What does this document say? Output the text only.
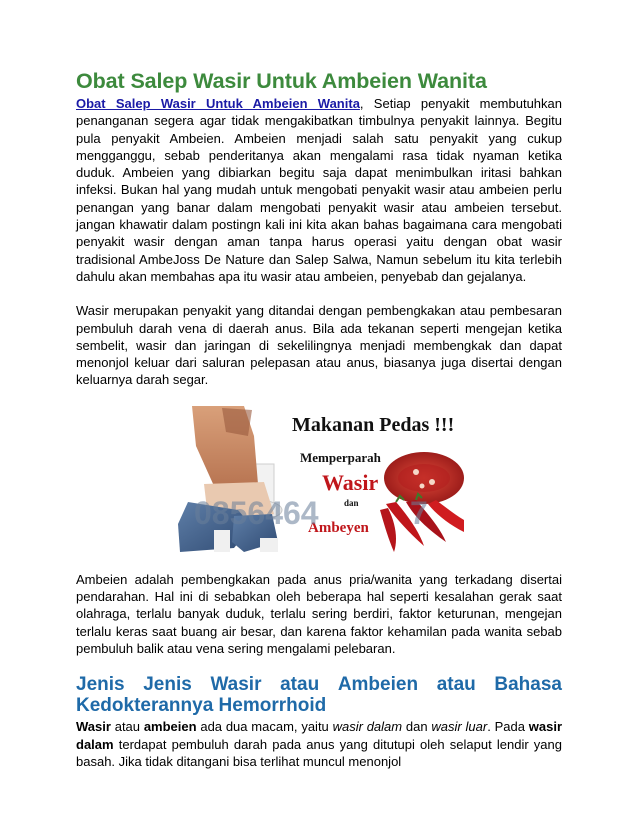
Obat Salep Wasir Untuk Ambeien Wanita

Obat Salep Wasir Untuk Ambeien Wanita, Setiap penyakit membutuhkan penanganan segera agar tidak mengakibatkan timbulnya penyakit lainnya. Begitu pula penyakit Ambeien. Ambeien menjadi salah satu penyakit yang cukup mengganggu, sebab penderitanya akan mengalami rasa tidak nyaman ketika duduk. Ambeien yang dibiarkan begitu saja dapat menimbulkan iritasi bahkan infeksi. Bukan hal yang mudah untuk mengobati penyakit wasir atau ambeien perlu penangan yang banar dalam mengobati penyakit wasir atau ambeien tersebut. jangan khawatir dalam postingn kali ini kita akan bahas bagaimana cara mengobati penyakit wasir dengan aman tanpa harus operasi yaitu dengan obat wasir tradisional AmbeJoss De Nature dan Salep Salwa, Namun sebelum itu kita terlebih dahulu akan membahas apa itu wasir atau ambeien, penyebab dan gejalanya.

Wasir merupakan penyakit yang ditandai dengan pembengkakan atau pembesaran pembuluh darah vena di daerah anus. Bila ada tekanan seperti mengejan ketika sembelit, wasir dan jaringan di sekelilingnya menjadi membengkak dan dapat menonjol keluar dari saluran pelepasan atau anus, biasanya juga disertai dengan keluarnya darah segar.

Makanan Pedas !!!
Memperparah
Wasir
dan
Ambeyen
0856464	7

Ambeien adalah pembengkakan pada anus pria/wanita yang terkadang disertai pendarahan. Hal ini di sebabkan oleh beberapa hal seperti kesalahan gerak saat olahraga, terlalu banyak duduk, terlalu sering berdiri, faktor keturunan, mengejan terlalu keras saat buang air besar, dan karena faktor kehamilan pada wanita sebab pembuluh balik atau vena sering mengalami pelebaran.

Jenis Jenis Wasir atau Ambeien atau Bahasa
Kedokterannya Hemorrhoid

Wasir atau ambeien ada dua macam, yaitu wasir dalam dan wasir luar. Pada wasir dalam terdapat pembuluh darah pada anus yang ditutupi oleh selaput lendir yang basah. Jika tidak ditangani bisa terlihat muncul menonjol
